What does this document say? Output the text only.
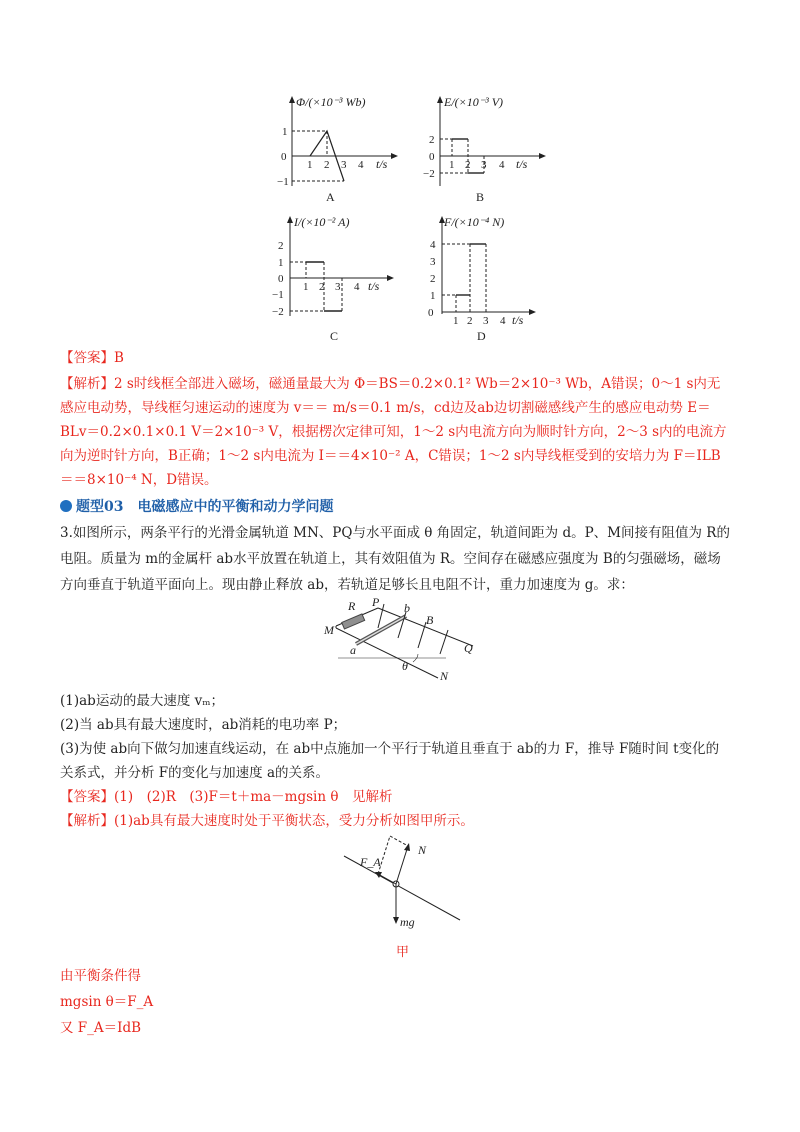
Φ/(×10⁻³ Wb)
1
0
−1
1 2 3 4 t/s
A
E/(×10⁻³ V)
2
0
−2
1 2 3 4 t/s
B
I/(×10⁻² A)
2
1
0
−1
−2
1 2 3 4 t/s
C
F/(×10⁻⁴ N)
4
3
2
1
0
1 2 3 4 t/s
D
【答案】B
【解析】2 s时线框全部进入磁场，磁通量最大为 Φ＝BS＝0.2×0.1² Wb＝2×10⁻³ Wb，A错误；0～1 s内无
感应电动势，导线框匀速运动的速度为 v＝＝ m/s＝0.1 m/s，cd边及ab边切割磁感线产生的感应电动势 E＝
BLv＝0.2×0.1×0.1 V＝2×10⁻³ V，根据楞次定律可知，1～2 s内电流方向为顺时针方向，2～3 s内的电流方
向为逆时针方向，B正确；1～2 s内电流为 I＝＝4×10⁻² A，C错误；1～2 s内导线框受到的安培力为 F＝ILB
＝＝8×10⁻⁴ N，D错误。
题型03　电磁感应中的平衡和动力学问题
3.如图所示，两条平行的光滑金属轨道 MN、PQ与水平面成 θ 角固定，轨道间距为 d。P、M间接有阻值为 R的
电阻。质量为 m的金属杆 ab水平放置在轨道上，其有效阻值为 R。空间存在磁感应强度为 B的匀强磁场，磁场
方向垂直于轨道平面向上。现由静止释放 ab，若轨道足够长且电阻不计，重力加速度为 g。求：
R P b
B
M
a
θ
N
Q
(1)ab运动的最大速度 vₘ；
(2)当 ab具有最大速度时，ab消耗的电功率 P；
(3)为使 ab向下做匀加速直线运动，在 ab中点施加一个平行于轨道且垂直于 ab的力 F，推导 F随时间 t变化的
关系式，并分析 F的变化与加速度 a的关系。
【答案】(1)　(2)R　(3)F＝t＋ma－mgsin θ　见解析
【解析】(1)ab具有最大速度时处于平衡状态，受力分析如图甲所示。
F_A
N
mg
甲
由平衡条件得
mgsin θ＝F_A
又 F_A＝IdB
